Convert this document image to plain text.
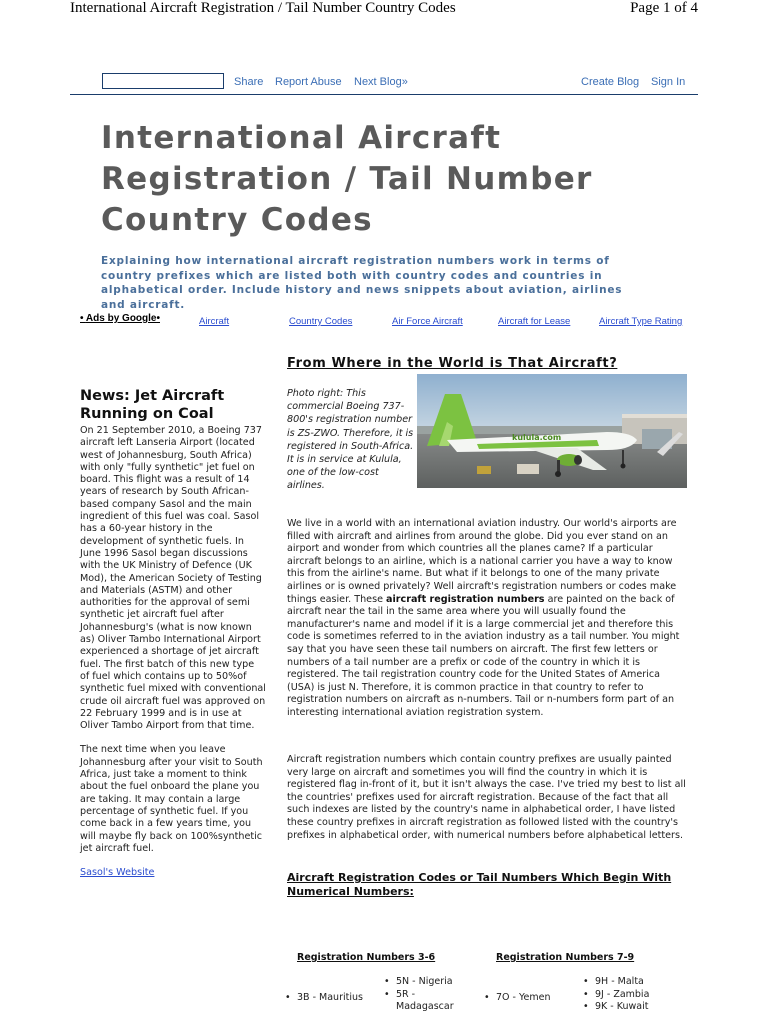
International Aircraft Registration / Tail Number Country Codes	Page 1 of 4
Share Report Abuse Next Blog»	Create Blog Sign In
International Aircraft Registration / Tail Number Country Codes

Explaining how international aircraft registration numbers work in terms of country prefixes which are listed both with country codes and countries in alphabetical order. Include history and news snippets about aviation, airlines and aircraft.

• Ads by Google•	Aircraft	Country Codes	Air Force Aircraft	Aircraft for Lease	Aircraft Type Rating
News: Jet Aircraft Running on Coal

On 21 September 2010, a Boeing 737 aircraft left Lanseria Airport (located west of Johannesburg, South Africa) with only "fully synthetic" jet fuel on board. This flight was a result of 14 years of research by South African-based company Sasol and the main ingredient of this fuel was coal. Sasol has a 60-year history in the development of synthetic fuels. In June 1996 Sasol began discussions with the UK Ministry of Defence (UK Mod), the American Society of Testing and Materials (ASTM) and other authorities for the approval of semi synthetic jet aircraft fuel after Johannesburg's (what is now known as) Oliver Tambo International Airport experienced a shortage of jet aircraft fuel. The first batch of this new type of fuel which contains up to 50%of synthetic fuel mixed with conventional crude oil aircraft fuel was approved on 22 February 1999 and is in use at Oliver Tambo Airport from that time.

The next time when you leave Johannesburg after your visit to South Africa, just take a moment to think about the fuel onboard the plane you are taking. It may contain a large percentage of synthetic fuel. If you come back in a few years time, you will maybe fly back on 100%synthetic jet aircraft fuel.

Sasol's Website
From Where in the World is That Aircraft?

Photo right: This commercial Boeing 737-800's registration number is ZS-ZWO. Therefore, it is registered in South-Africa. It is in service at Kulula, one of the low-cost airlines.

kulula.com

We live in a world with an international aviation industry. Our world's airports are filled with aircraft and airlines from around the globe. Did you ever stand on an airport and wonder from which countries all the planes came? If a particular aircraft belongs to an airline, which is a national carrier you have a way to know this from the airline's name. But what if it belongs to one of the many private airlines or is owned privately? Well aircraft's registration numbers or codes make things easier. These aircraft registration numbers are painted on the back of aircraft near the tail in the same area where you will usually found the manufacturer's name and model if it is a large commercial jet and therefore this code is sometimes referred to in the aviation industry as a tail number. You might say that you have seen these tail numbers on aircraft. The first few letters or numbers of a tail number are a prefix or code of the country in which it is registered. The tail registration country code for the United States of America (USA) is just N. Therefore, it is common practice in that country to refer to registration numbers on aircraft as n-numbers. Tail or n-numbers form part of an interesting international aviation registration system.

Aircraft registration numbers which contain country prefixes are usually painted very large on aircraft and sometimes you will find the country in which it is registered flag in-front of it, but it isn't always the case. I've tried my best to list all the countries' prefixes used for aircraft registration. Because of the fact that all such indexes are listed by the country's name in alphabetical order, I have listed these country prefixes in aircraft registration as followed listed with the country's prefixes in alphabetical order, with numerical numbers before alphabetical letters.

Aircraft Registration Codes or Tail Numbers Which Begin With Numerical Numbers:
Registration Numbers 3-6	Registration Numbers 7-9
• 3B - Mauritius
• 5N - Nigeria
• 5R - Madagascar
• 7O - Yemen
• 9H - Malta
• 9J - Zambia
• 9K - Kuwait
